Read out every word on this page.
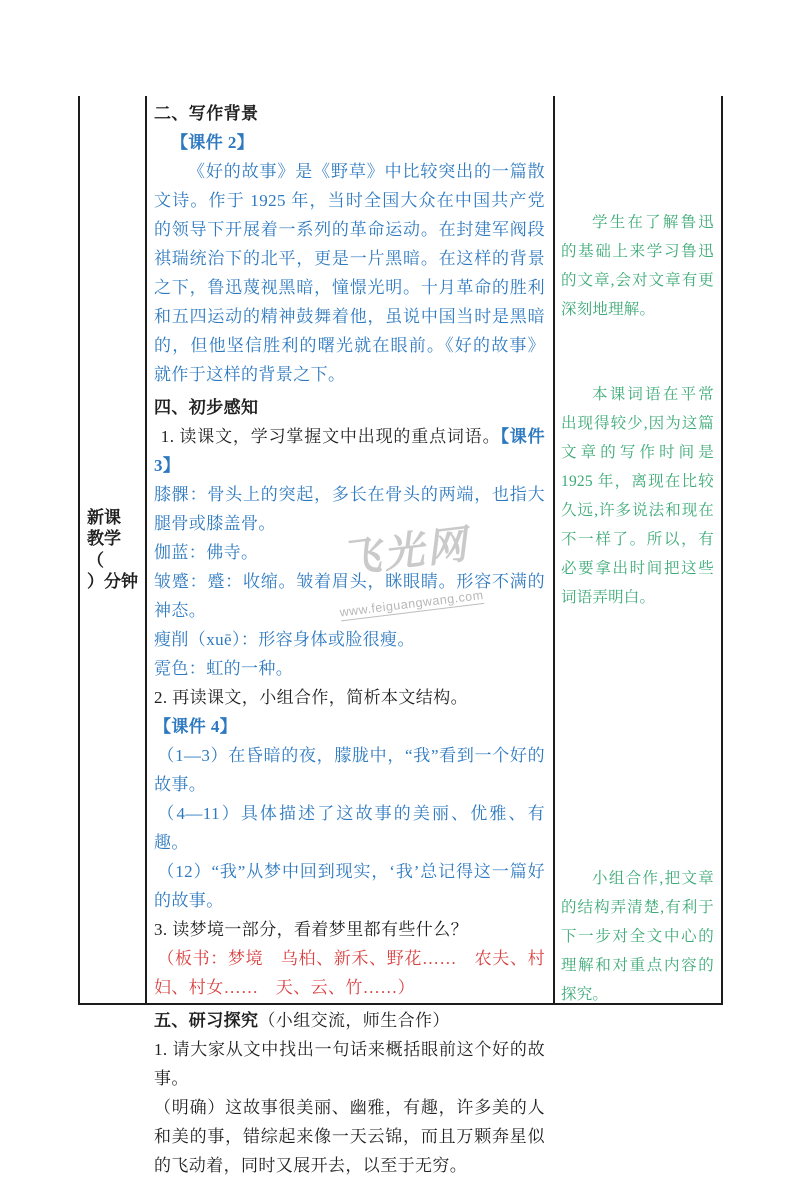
新课
教学
（
）分钟

二、写作背景

【课件 2】

《好的故事》是《野草》中比较突出的一篇散文诗。作于 1925 年，当时全国大众在中国共产党的领导下开展着一系列的革命运动。在封建军阀段祺瑞统治下的北平，更是一片黑暗。在这样的背景之下，鲁迅蔑视黑暗，憧憬光明。十月革命的胜利和五四运动的精神鼓舞着他，虽说中国当时是黑暗的，但他坚信胜利的曙光就在眼前。《好的故事》就作于这样的背景之下。

四、初步感知

1. 读课文，学习掌握文中出现的重点词语。【课件 3】

膝髁：骨头上的突起，多长在骨头的两端，也指大腿骨或膝盖骨。

伽蓝：佛寺。

皱蹙：蹙：收缩。皱着眉头，眯眼睛。形容不满的神态。

瘦削（xuē）：形容身体或脸很瘦。

霓色：虹的一种。

2. 再读课文，小组合作，简析本文结构。

【课件 4】

（1—3）在昏暗的夜，朦胧中，“我”看到一个好的故事。

（4—11）具体描述了这故事的美丽、优雅、有趣。

（12）“我”从梦中回到现实，‘我’总记得这一篇好的故事。

3. 读梦境一部分，看着梦里都有些什么？

（板书：梦境　乌柏、新禾、野花……　农夫、村妇、村女……　天、云、竹……）

五、研习探究（小组交流，师生合作）

1. 请大家从文中找出一句话来概括眼前这个好的故事。

（明确）这故事很美丽、幽雅，有趣，许多美的人和美的事，错综起来像一天云锦，而且万颗奔星似的飞动着，同时又展开去，以至于无穷。

学生在了解鲁迅的基础上来学习鲁迅的文章,会对文章有更深刻地理解。

本课词语在平常出现得较少,因为这篇文章的写作时间是 1925 年，离现在比较久远,许多说法和现在不一样了。所以，有必要拿出时间把这些词语弄明白。

小组合作,把文章的结构弄清楚,有利于下一步对全文中心的理解和对重点内容的探究。

飞光网

www.feiguangwang.com
